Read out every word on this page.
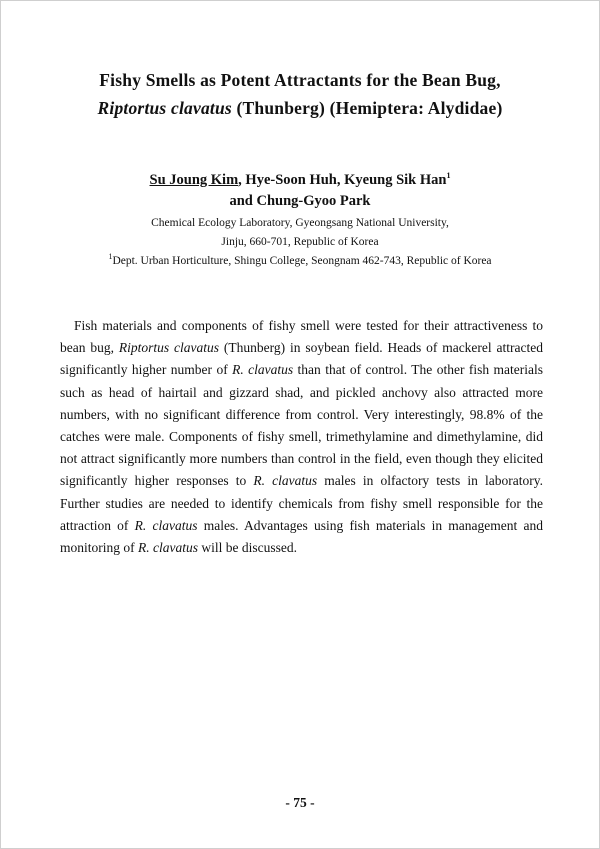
Fishy Smells as Potent Attractants for the Bean Bug,
Riptortus clavatus (Thunberg) (Hemiptera: Alydidae)
Su Joung Kim, Hye-Soon Huh, Kyeung Sik Han$^1$
and Chung-Gyoo Park
Chemical Ecology Laboratory, Gyeongsang National University,
Jinju, 660-701, Republic of Korea
$^1$Dept. Urban Horticulture, Shingu College, Seongnam 462-743, Republic of Korea
Fish materials and components of fishy smell were tested for their attractiveness to bean bug, Riptortus clavatus (Thunberg) in soybean field. Heads of mackerel attracted significantly higher number of R. clavatus than that of control. The other fish materials such as head of hairtail and gizzard shad, and pickled anchovy also attracted more numbers, with no significant difference from control. Very interestingly, 98.8% of the catches were male. Components of fishy smell, trimethylamine and dimethylamine, did not attract significantly more numbers than control in the field, even though they elicited significantly higher responses to R. clavatus males in olfactory tests in laboratory. Further studies are needed to identify chemicals from fishy smell responsible for the attraction of R. clavatus males. Advantages using fish materials in management and monitoring of R. clavatus will be discussed.
- 75 -
